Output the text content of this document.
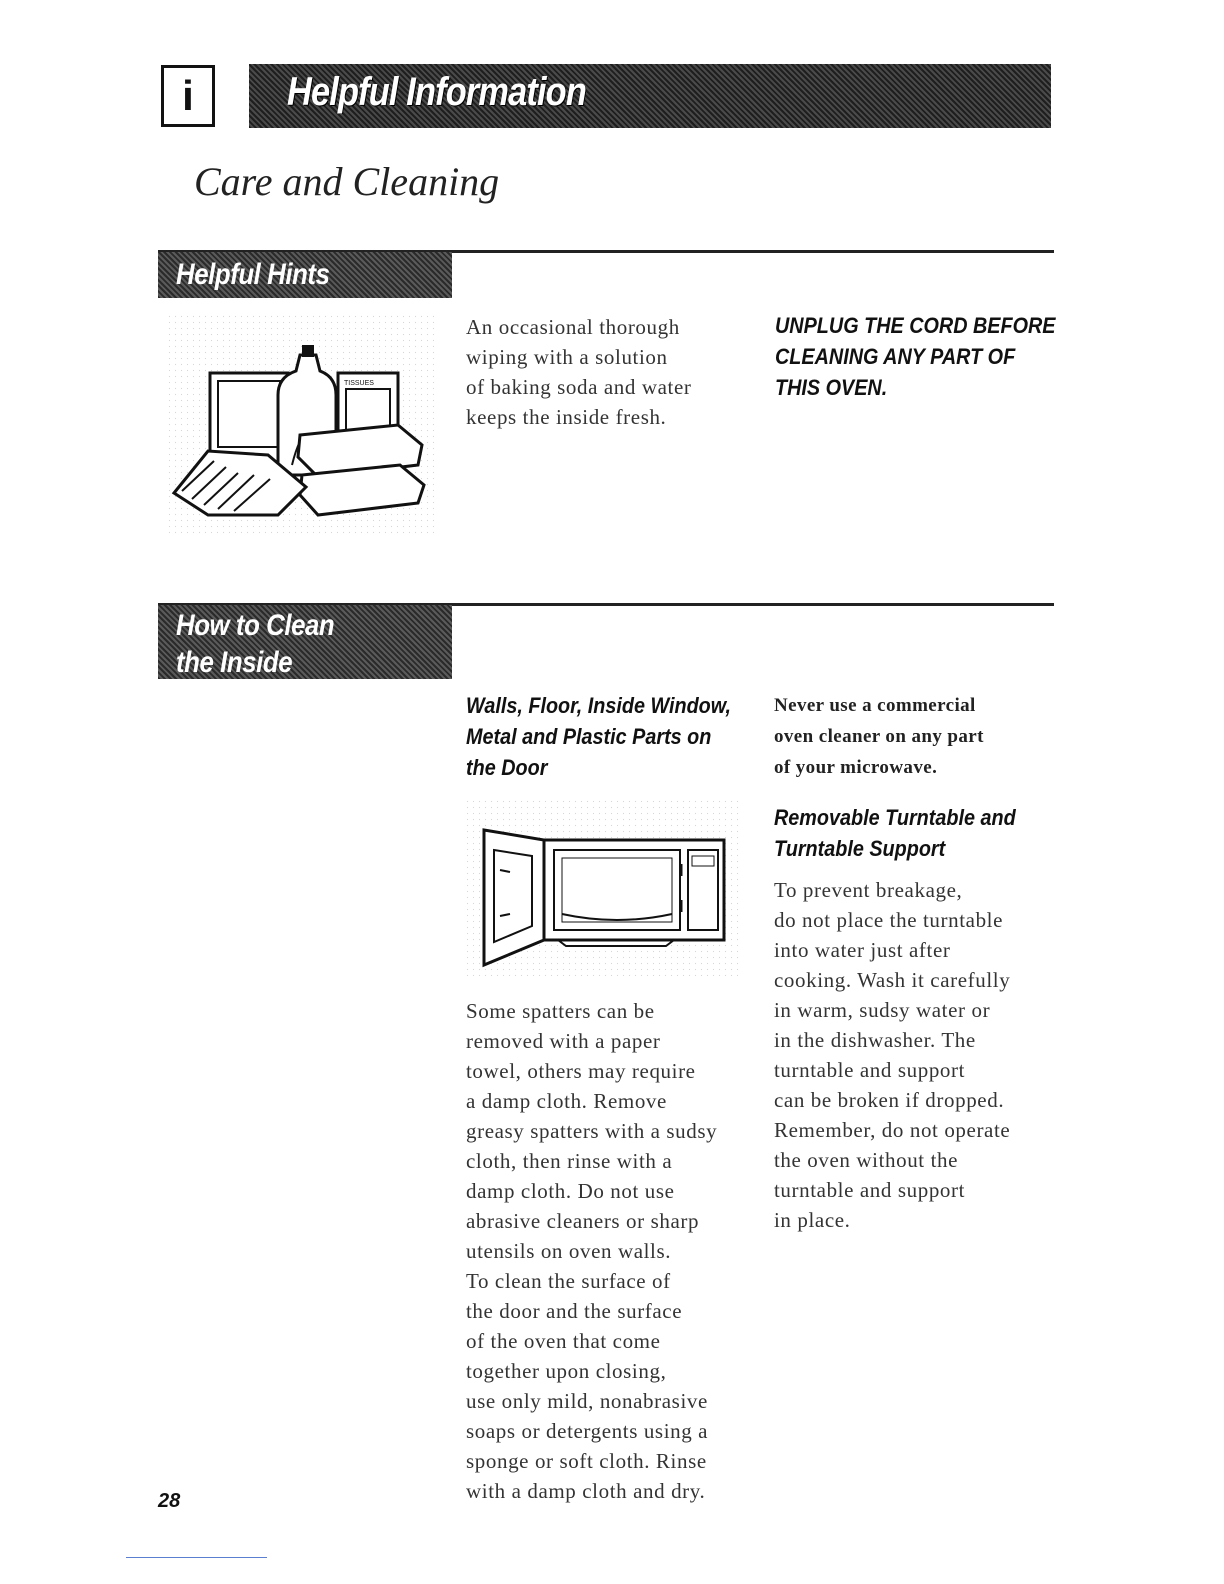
i Helpful Information
Care and Cleaning
Helpful Hints
TISSUES
An occasional thorough
wiping with a solution
of baking soda and water
keeps the inside fresh.
UNPLUG THE CORD BEFORE
CLEANING ANY PART OF
THIS OVEN.
How to Clean
the Inside
Walls, Floor, Inside Window,
Metal and Plastic Parts on
the Door
Some spatters can be
removed with a paper
towel, others may require
a damp cloth. Remove
greasy spatters with a sudsy
cloth, then rinse with a
damp cloth. Do not use
abrasive cleaners or sharp
utensils on oven walls.
To clean the surface of
the door and the surface
of the oven that come
together upon closing,
use only mild, nonabrasive
soaps or detergents using a
sponge or soft cloth. Rinse
with a damp cloth and dry.
Never use a commercial
oven cleaner on any part
of your microwave.
Removable Turntable and
Turntable Support
To prevent breakage,
do not place the turntable
into water just after
cooking. Wash it carefully
in warm, sudsy water or
in the dishwasher. The
turntable and support
can be broken if dropped.
Remember, do not operate
the oven without the
turntable and support
in place.
28
